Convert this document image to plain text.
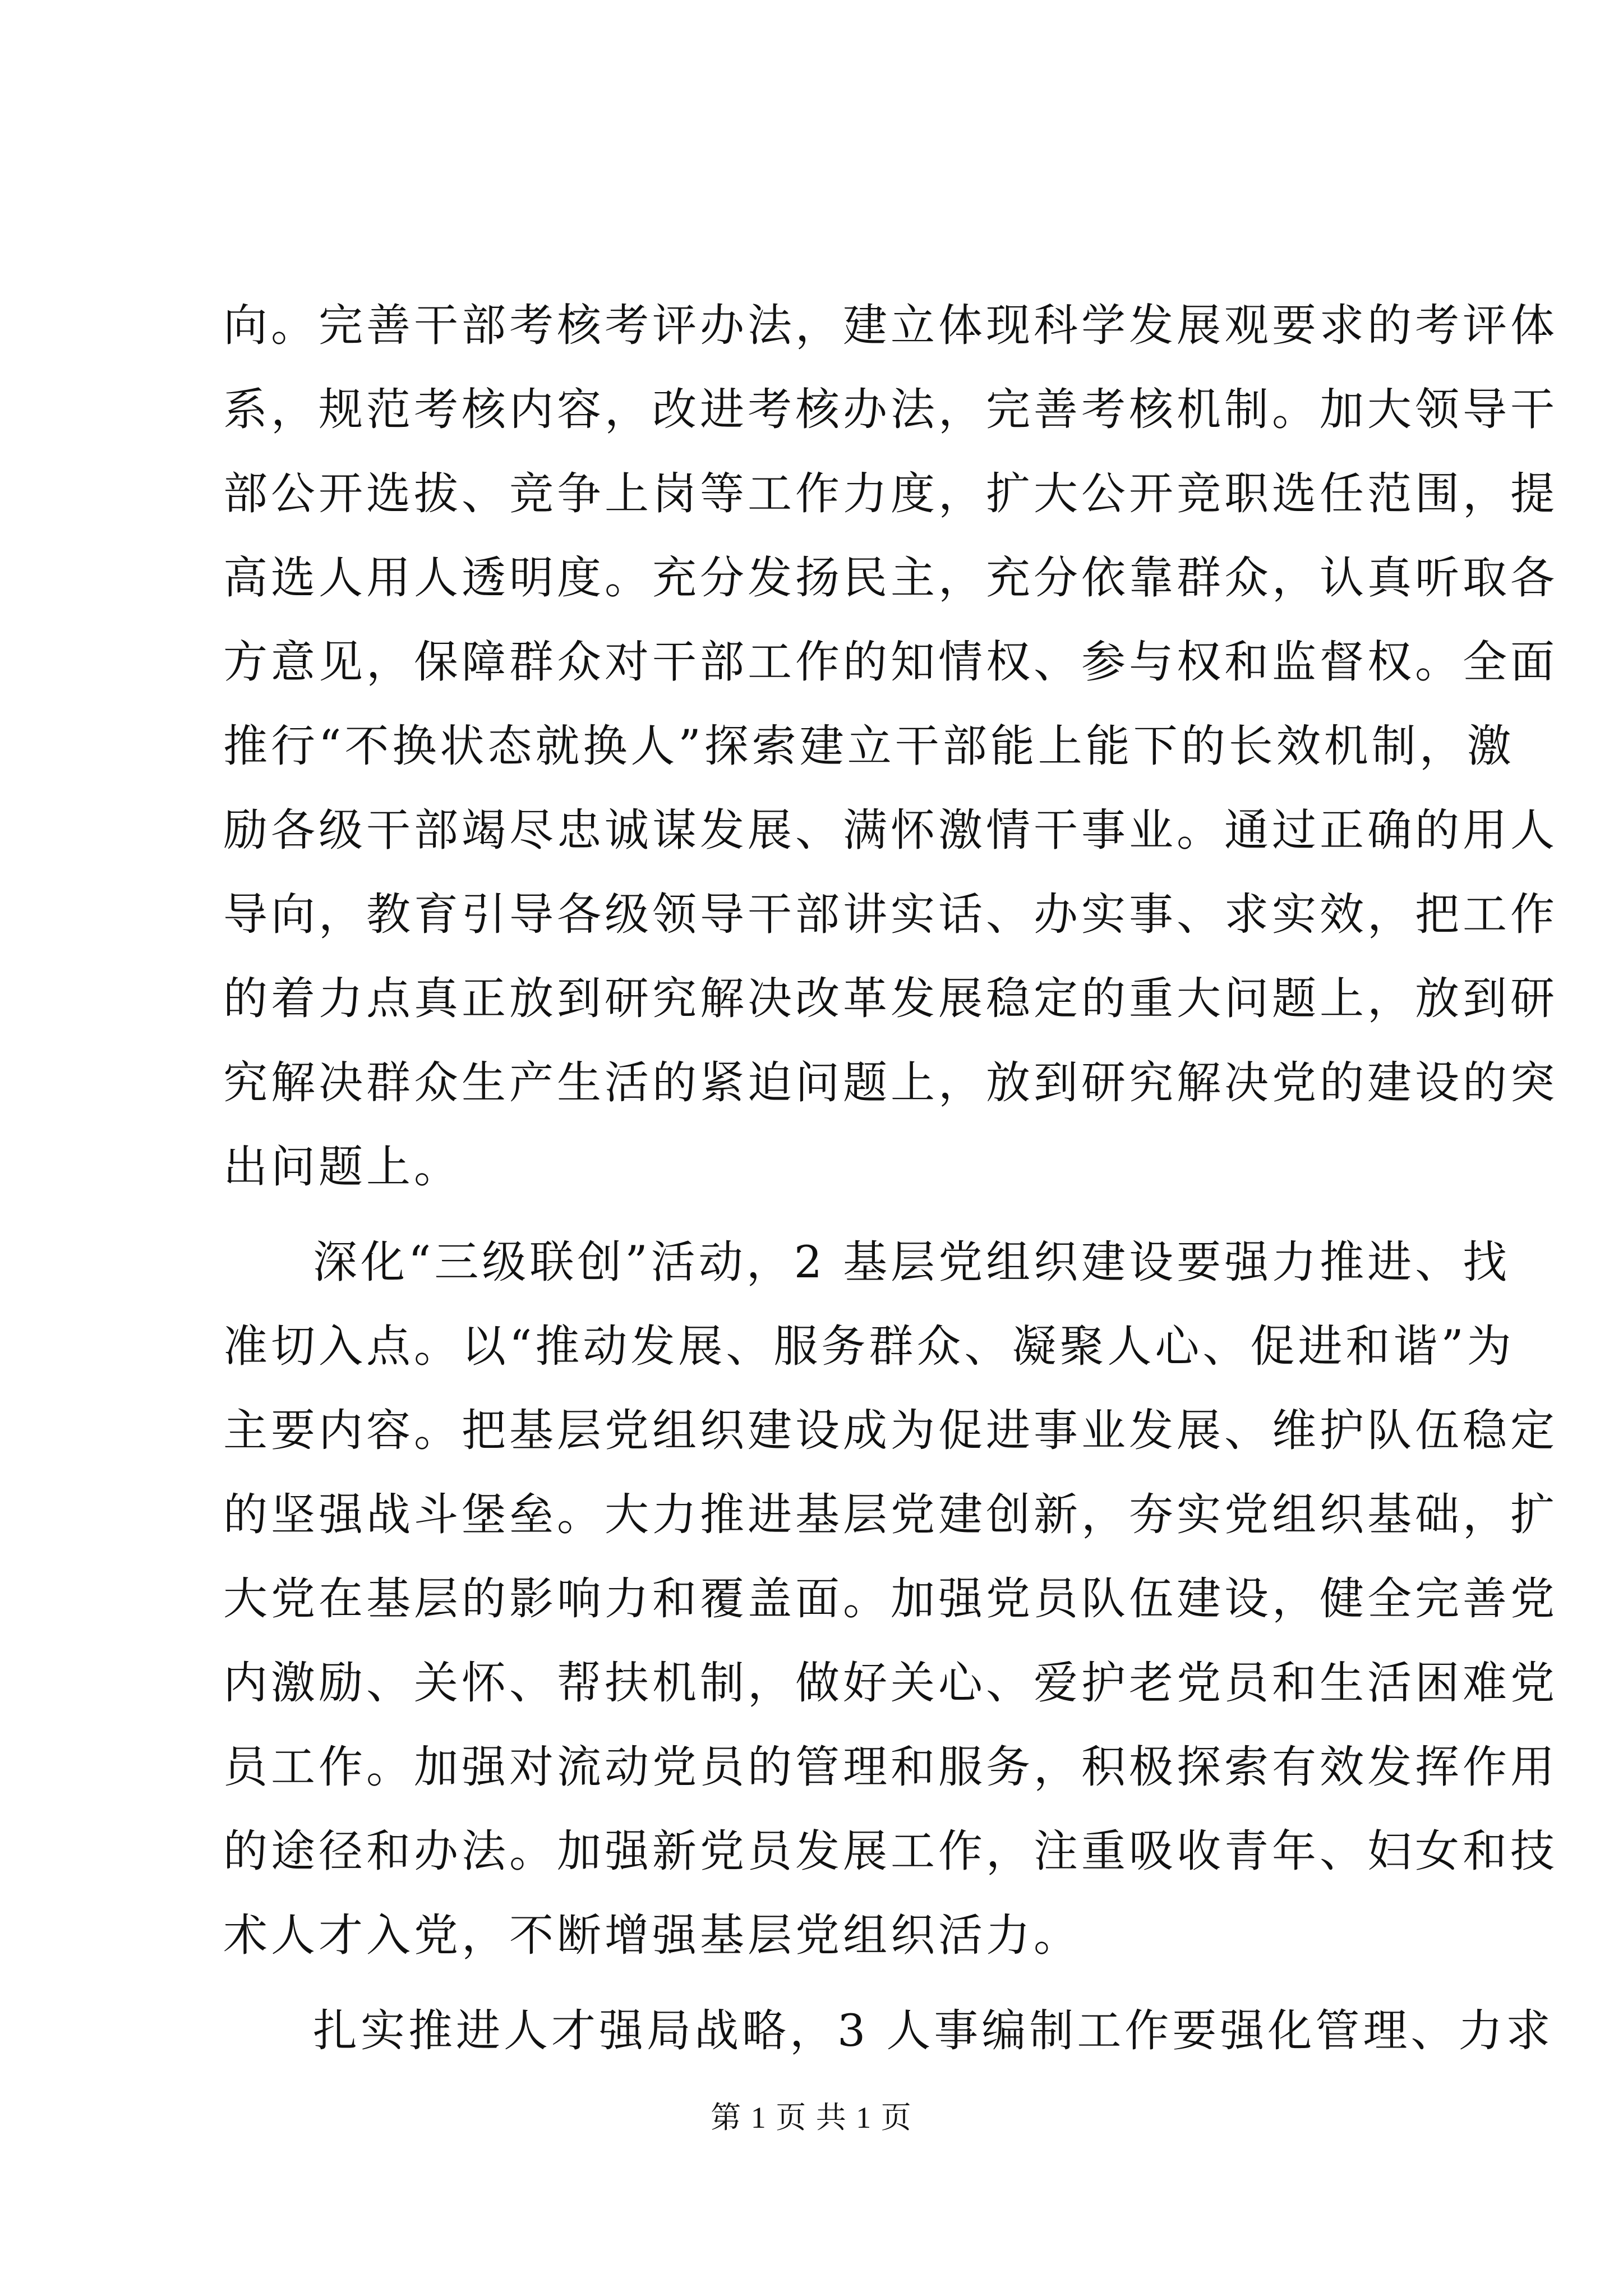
向。完善干部考核考评办法，建立体现科学发展观要求的考评体
系，规范考核内容，改进考核办法，完善考核机制。加大领导干
部公开选拔、竞争上岗等工作力度，扩大公开竞职选任范围，提
高选人用人透明度。充分发扬民主，充分依靠群众，认真听取各
方意见，保障群众对干部工作的知情权、参与权和监督权。全面
推行“不换状态就换人”探索建立干部能上能下的长效机制，激
励各级干部竭尽忠诚谋发展、满怀激情干事业。通过正确的用人
导向，教育引导各级领导干部讲实话、办实事、求实效，把工作
的着力点真正放到研究解决改革发展稳定的重大问题上，放到研
究解决群众生产生活的紧迫问题上，放到研究解决党的建设的突
出问题上。
深化“三级联创”活动，2 基层党组织建设要强力推进、找
准切入点。以“推动发展、服务群众、凝聚人心、促进和谐”为
主要内容。把基层党组织建设成为促进事业发展、维护队伍稳定
的坚强战斗堡垒。大力推进基层党建创新，夯实党组织基础，扩
大党在基层的影响力和覆盖面。加强党员队伍建设，健全完善党
内激励、关怀、帮扶机制，做好关心、爱护老党员和生活困难党
员工作。加强对流动党员的管理和服务，积极探索有效发挥作用
的途径和办法。加强新党员发展工作，注重吸收青年、妇女和技
术人才入党，不断增强基层党组织活力。
扎实推进人才强局战略，3 人事编制工作要强化管理、力求
第 1 页 共 1 页
